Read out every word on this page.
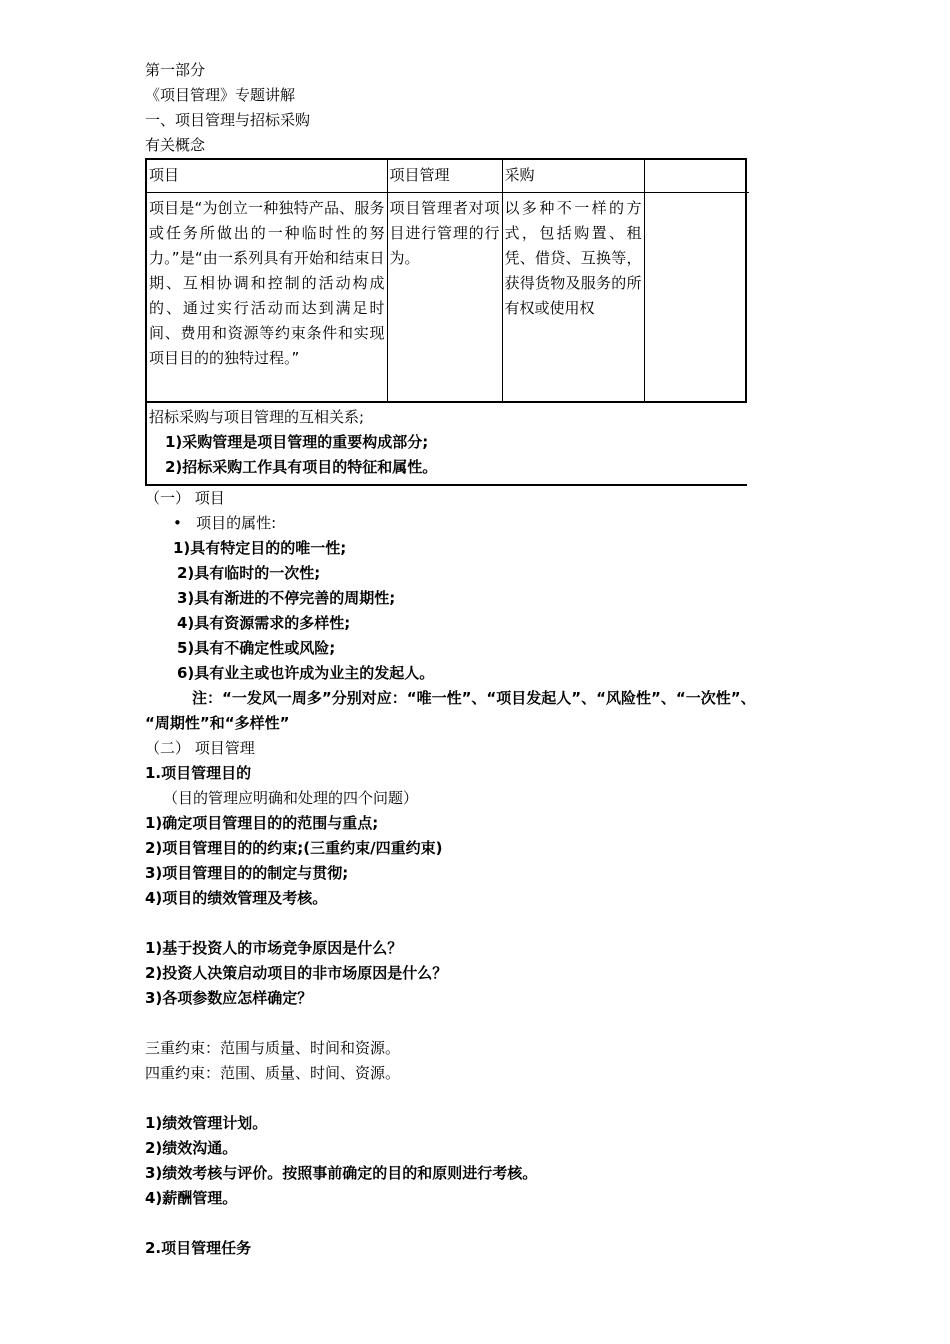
第一部分
《项目管理》专题讲解
一、项目管理与招标采购
有关概念
项目	项目管理	采购	
项目是“为创立一种独特产品、服务或任务所做出的一种临时性的努力。”是“由一系列具有开始和结束日期、互相协调和控制的活动构成的、通过实行活动而达到满足时间、费用和资源等约束条件和实现项目目的的独特过程。”	项目管理者对项目进行管理的行为。	以多种不一样的方式，包括购置、租凭、借贷、互换等，获得货物及服务的所有权或使用权	
招标采购与项目管理的互相关系;
1)采购管理是项目管理的重要构成部分;
2)招标采购工作具有项目的特征和属性。
（一） 项目
•   项目的属性:
1)具有特定目的的唯一性;
2)具有临时的一次性;
3)具有渐进的不停完善的周期性;
4)具有资源需求的多样性;
5)具有不确定性或风险;
6)具有业主或也许成为业主的发起人。
注：“一发风一周多”分别对应：“唯一性”、“项目发起人”、“风险性”、“一次性”、
“周期性”和“多样性”
（二） 项目管理
1.项目管理目的
（目的管理应明确和处理的四个问题）
1)确定项目管理目的的范围与重点;
2)项目管理目的的约束;(三重约束/四重约束)
3)项目管理目的的制定与贯彻;
4)项目的绩效管理及考核。
1)基于投资人的市场竞争原因是什么？
2)投资人决策启动项目的非市场原因是什么？
3)各项参数应怎样确定？
三重约束：范围与质量、时间和资源。
四重约束：范围、质量、时间、资源。
1)绩效管理计划。
2)绩效沟通。
3)绩效考核与评价。按照事前确定的目的和原则进行考核。
4)薪酬管理。
2.项目管理任务
